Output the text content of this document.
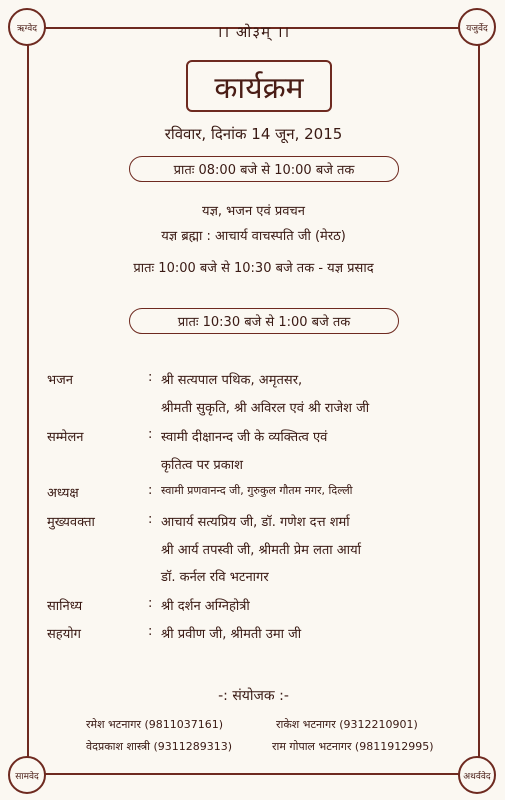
ऋग्वेद	यजुर्वेद
सामवेद	अथर्ववेद
।। ओ३म् ।।
कार्यक्रम
रविवार, दिनांक 14 जून, 2015
प्रातः 08:00 बजे से 10:00 बजे तक
यज्ञ, भजन एवं प्रवचन
यज्ञ ब्रह्मा : आचार्य वाचस्पति जी (मेरठ)
प्रातः 10:00 बजे से 10:30 बजे तक - यज्ञ प्रसाद
प्रातः 10:30 बजे से 1:00 बजे तक
भजन	: श्री सत्यपाल पथिक, अमृतसर,
श्रीमती सुकृति, श्री अविरल एवं श्री राजेश जी
सम्मेलन	: स्वामी दीक्षानन्द जी के व्यक्तित्व एवं
कृतित्व पर प्रकाश
अध्यक्ष	: स्वामी प्रणवानन्द जी, गुरुकुल गौतम नगर, दिल्ली
मुख्यवक्ता	: आचार्य सत्यप्रिय जी, डॉ. गणेश दत्त शर्मा
श्री आर्य तपस्वी जी, श्रीमती प्रेम लता आर्या
डॉ. कर्नल रवि भटनागर
सानिध्य	: श्री दर्शन अग्निहोत्री
सहयोग	: श्री प्रवीण जी, श्रीमती उमा जी
-: संयोजक :-
रमेश भटनागर (9811037161)	राकेश भटनागर (9312210901)
वेदप्रकाश शास्त्री (9311289313)	राम गोपाल भटनागर (9811912995)
